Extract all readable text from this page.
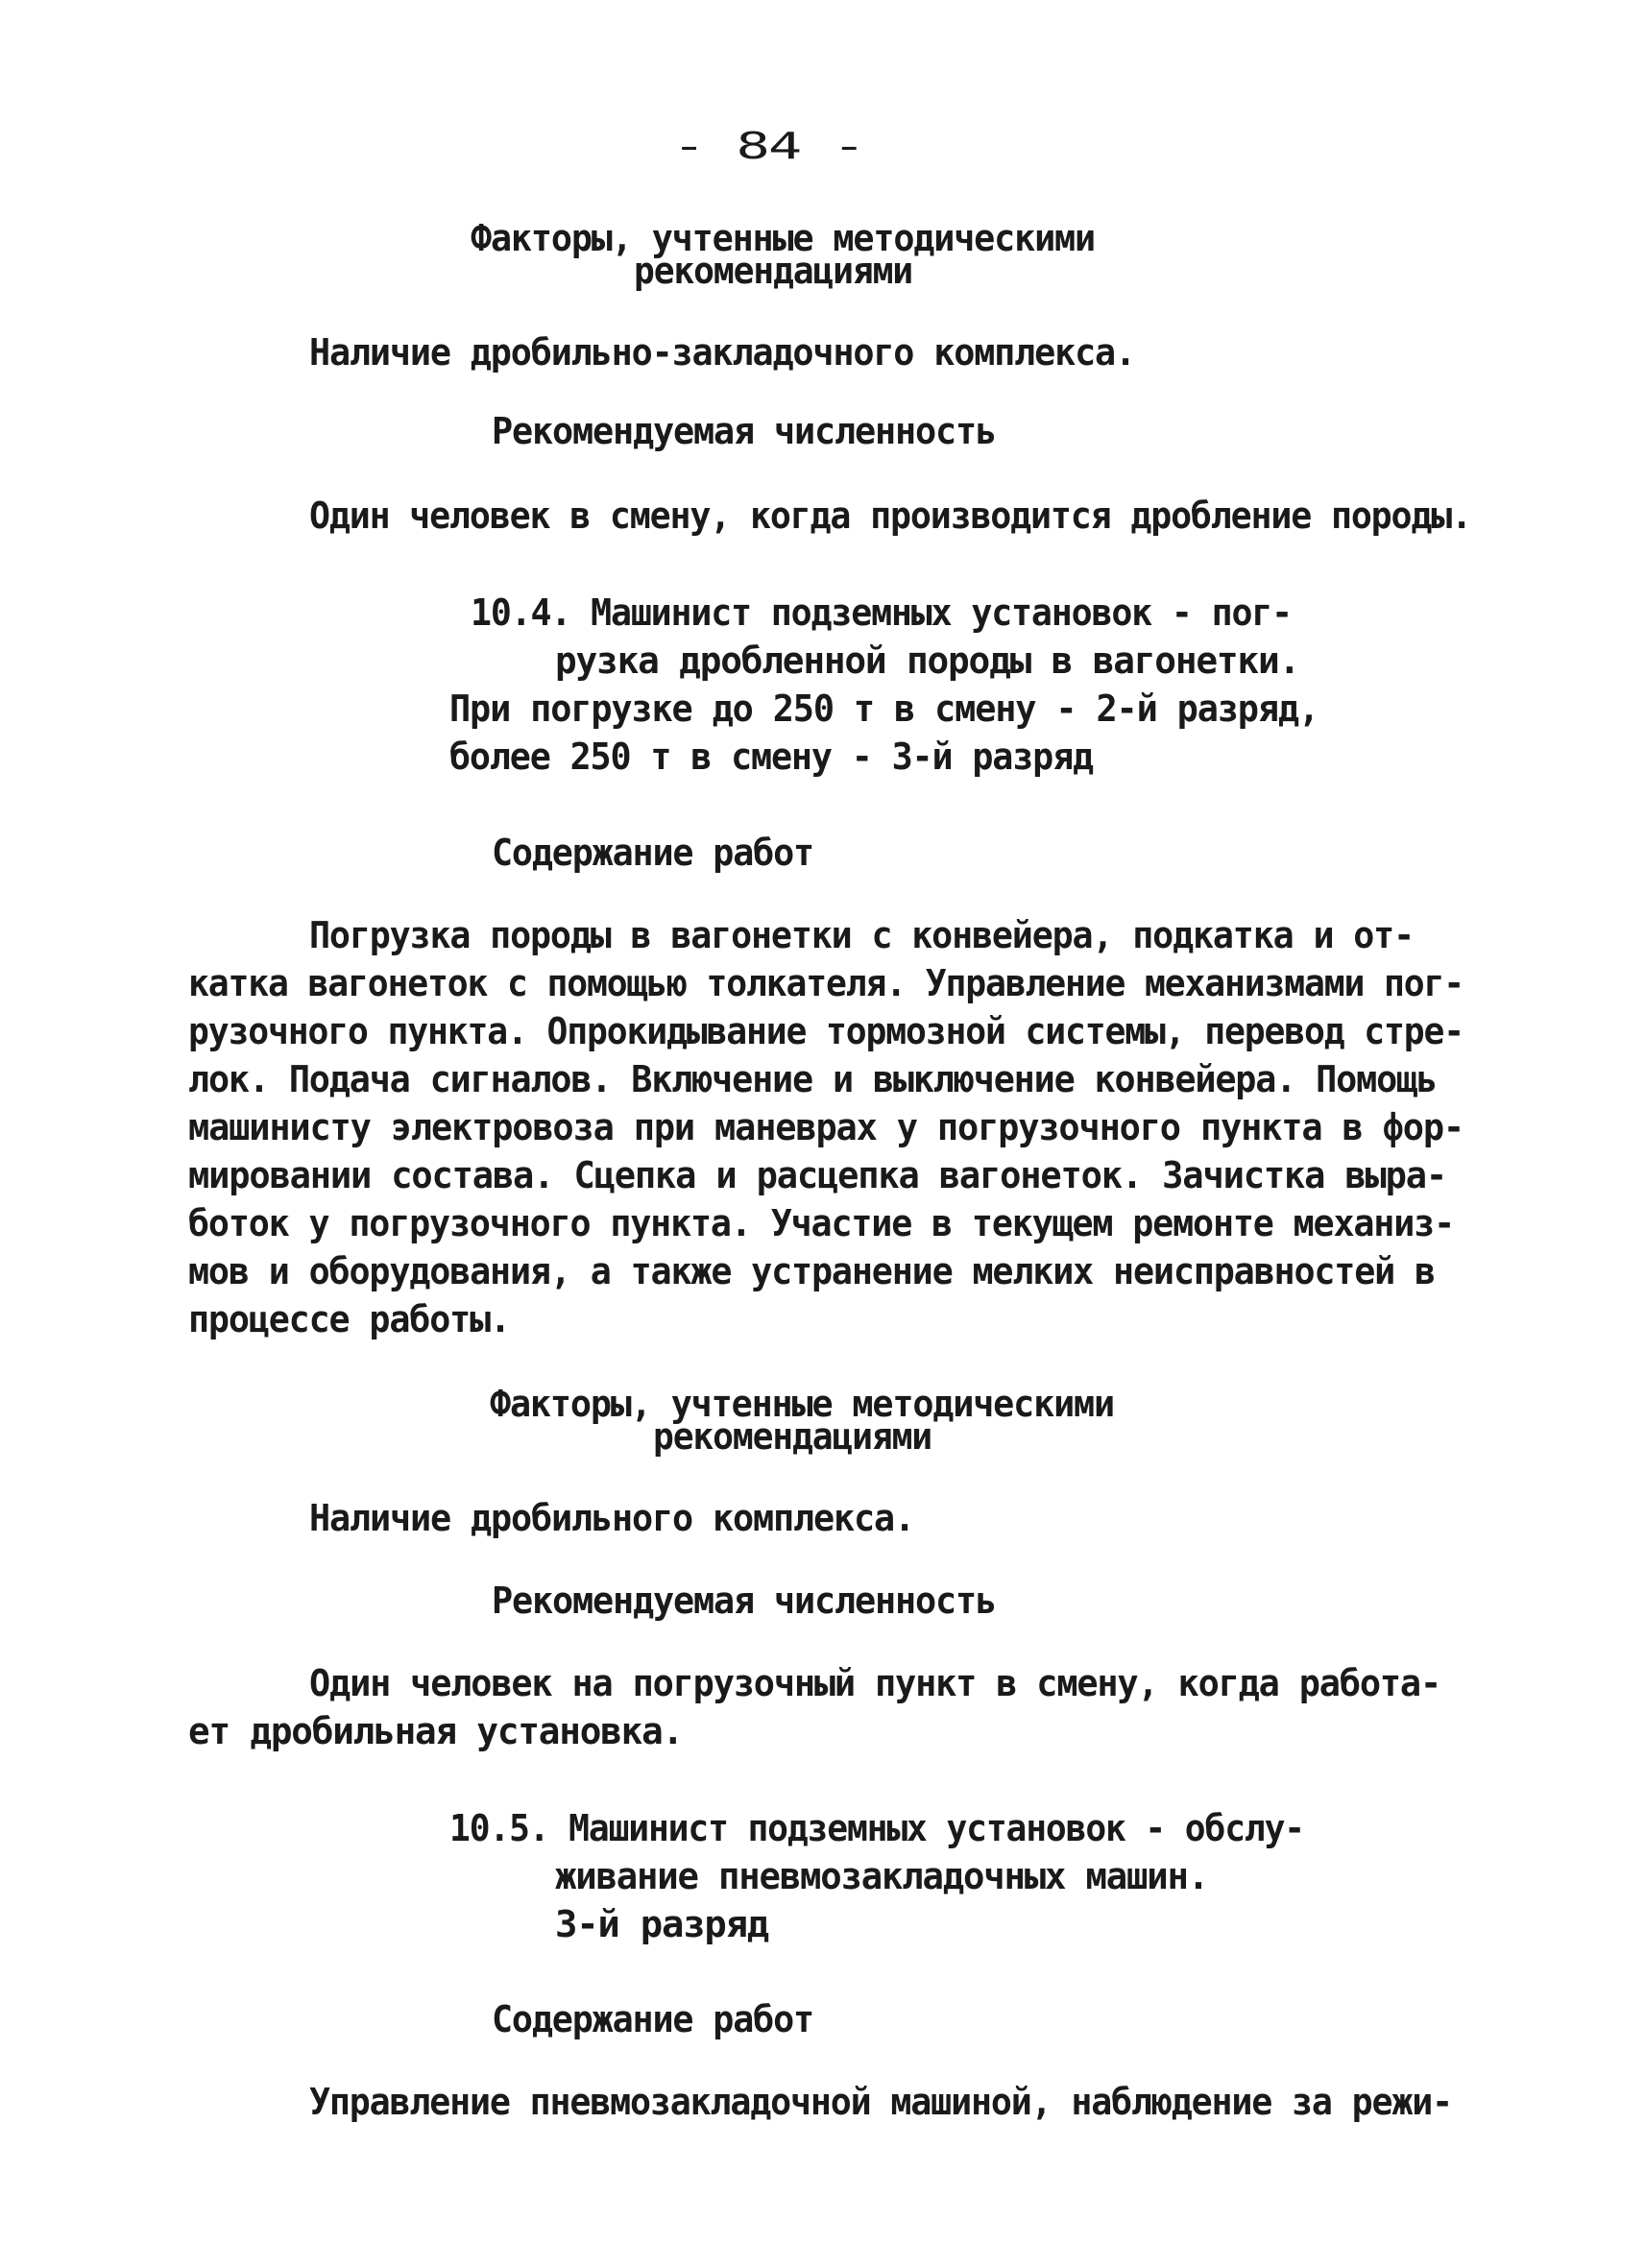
- 84 -
Факторы, учтенные методическими
рекомендациями
Наличие дробильно-закладочного комплекса.
Рекомендуемая численность
Один человек в смену, когда производится дробление породы.
10.4. Машинист подземных установок - пог-
рузка дробленной породы в вагонетки.
При погрузке до 250 т в смену - 2-й разряд,
более 250 т в смену - 3-й разряд
Содержание работ
Погрузка породы в вагонетки с конвейера, подкатка и от-
катка вагонеток с помощью толкателя. Управление механизмами пог-
рузочного пункта. Опрокидывание тормозной системы, перевод стре-
лок. Подача сигналов. Включение и выключение конвейера. Помощь
машинисту электровоза при маневрах у погрузочного пункта в фор-
мировании состава. Сцепка и расцепка вагонеток. Зачистка выра-
боток у погрузочного пункта. Участие в текущем ремонте механиз-
мов и оборудования, а также устранение мелких неисправностей в
процессе работы.
Факторы, учтенные методическими
рекомендациями
Наличие дробильного комплекса.
Рекомендуемая численность
Один человек на погрузочный пункт в смену, когда работа-
ет дробильная установка.
10.5. Машинист подземных установок - обслу-
живание пневмозакладочных машин.
3-й разряд
Содержание работ
Управление пневмозакладочной машиной, наблюдение за режи-
